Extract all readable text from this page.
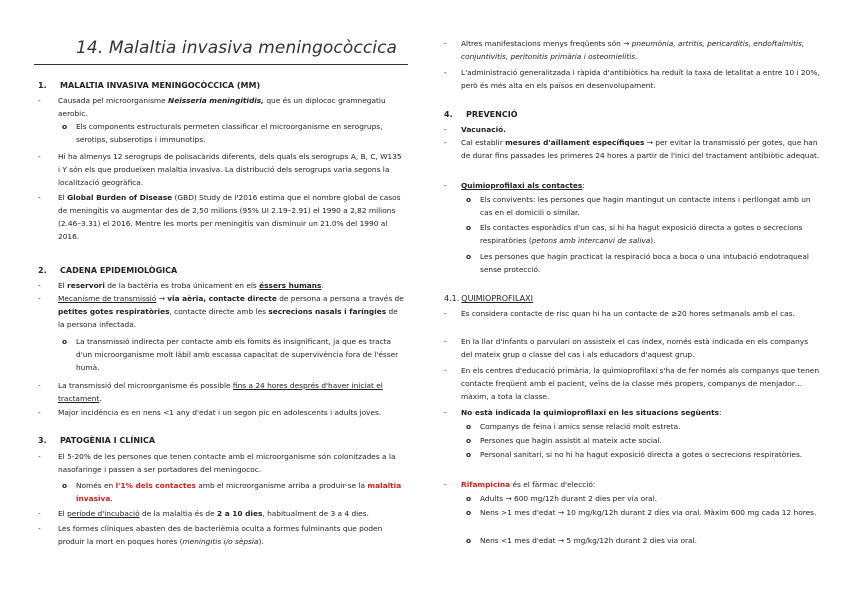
14. Malaltia invasiva meningocòccica
1. MALALTIA INVASIVA MENINGOCÒCCICA (MM)
-	Causada pel microorganisme Neisseria meningitidis, que és un diplococ gramnegatiu aerobic.
o	Els components estructurals permeten classificar el microorganisme en serogrups, serotips, subserotips i immunotips.
-	Hi ha almenys 12 serogrups de polisacàrids diferents, dels quals els serogrups A, B, C, W135 i Y són els que produeixen malaltia invasiva. La distribució dels serogrups varia segons la localització geogràfica.
-	El Global Burden of Disease (GBD) Study de l'2016 estima que el nombre global de casos de meningitis va augmentar des de 2,50 milions (95% UI 2.19–2.91) el 1990 a 2,82 milions (2.46–3.31) el 2016. Mentre les morts per meningitis van disminuir un 21.0% del 1990 al 2016.
2. CADENA EPIDEMIOLÒGICA
-	El reservori de la bactèria es troba únicament en els éssers humans.
-	Mecanisme de transmissió → via aèria, contacte directe de persona a persona a través de petites gotes respiratòries, contacte directe amb les secrecions nasals i faríngies de la persona infectada.
o	La transmissió indirecta per contacte amb els fòmits és insignificant, ja que es tracta d'un microorganisme molt làbil amb escassa capacitat de supervivència fora de l'ésser humà.
-	La transmissió del microorganisme és possible fins a 24 hores després d'haver iniciat el tractament.
-	Major incidència es en nens <1 any d'edat i un segon pic en adolescents i adults joves.
3. PATOGÈNIA I CLÍNICA
-	El 5-20% de les persones que tenen contacte amb el microorganisme són colonitzades a la nasofaringe i passen a ser portadores del meningococ.
o	Només en l'1% dels contactes amb el microorganisme arriba a produir-se la malaltia invasiva.
-	El període d'incubació de la malaltia és de 2 a 10 dies, habitualment de 3 a 4 dies.
-	Les formes clíniques abasten des de bacterièmia oculta a formes fulminants que poden produir la mort en poques hores (meningitis i/o sèpsia).
-	Altres manifestacions menys freqüents són → pneumònia, artritis, pericarditis, endoftalmitis, conjuntivitis, peritonitis primària i osteomielitis.
-	L'administració generalitzada i ràpida d'antibiòtics ha reduït la taxa de letalitat a entre 10 i 20%, però és més alta en els països en desenvolupament.
4. PREVENCIÓ
-	Vacunació.
-	Cal establir mesures d'aïllament específiques → per evitar la transmissió per gotes, que han de durar fins passades les primeres 24 hores a partir de l'inici del tractament antibiòtic adequat.
-	Quimioprofilaxi als contactes:
o	Els convivents: les persones que hagin mantingut un contacte intens i perllongat amb un cas en el domicili o similar.
o	Els contactes esporàdics d'un cas, si hi ha hagut exposició directa a gotes o secrecions respiratòries (petons amb intercanvi de saliva).
o	Les persones que hagin practicat la respiració boca a boca o una intubació endotraqueal sense protecció.
4.1. QUIMIOPROFILAXI
-	Es considera contacte de risc quan hi ha un contacte de ≥20 hores setmanals amb el cas.
-	En la llar d'infants o parvulari on assisteix el cas índex, només està indicada en els companys del mateix grup o classe del cas i als educadors d'aquest grup.
-	En els centres d'educació primària, la quimioprofilaxi s'ha de fer només als companys que tenen contacte freqüent amb el pacient, veïns de la classe més propers, companys de menjador… màxim, a tota la classe.
-	No està indicada la quimioprofilaxi en les situacions següents:
o	Companys de feina i amics sense relació molt estreta.
o	Persones que hagin assistit al mateix acte social.
o	Personal sanitari, si no hi ha hagut exposició directa a gotes o secrecions respiratòries.
-	Rifampicina és el fàrmac d'elecció:
o	Adults → 600 mg/12h durant 2 dies per via oral.
o	Nens >1 mes d'edat → 10 mg/kg/12h durant 2 dies via oral. Màxim 600 mg cada 12 hores.
o	Nens <1 mes d'edat → 5 mg/kg/12h durant 2 dies via oral.
